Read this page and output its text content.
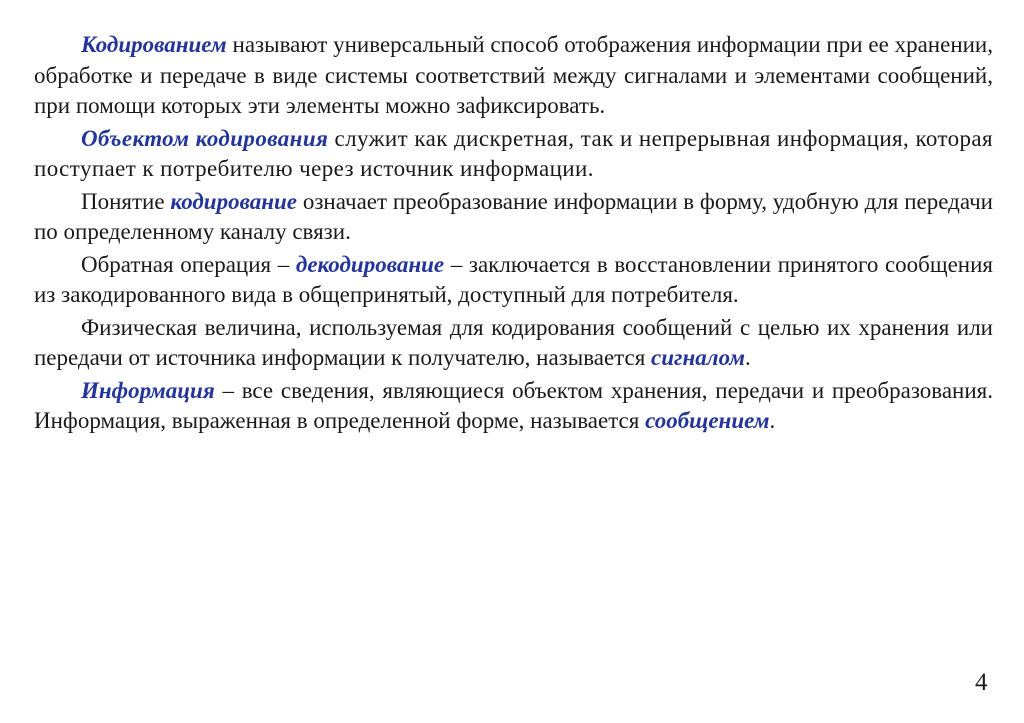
Кодированием называют универсальный способ отображения информации при ее хранении, обработке и передаче в виде системы соответствий между сигналами и элементами сообщений, при помощи которых эти элементы можно зафиксировать.

Объектом кодирования служит как дискретная, так и непрерывная информация, которая поступает к потребителю через источник информации.

Понятие кодирование означает преобразование информации в форму, удобную для передачи по определенному каналу связи.

Обратная операция – декодирование – заключается в восстановлении принятого сообщения из закодированного вида в общепринятый, доступный для потребителя.

Физическая величина, используемая для кодирования сообщений с целью их хранения или передачи от источника информации к получателю, называется сигналом.

Информация – все сведения, являющиеся объектом хранения, передачи и преобразования. Информация, выраженная в определенной форме, называется сообщением.

4
